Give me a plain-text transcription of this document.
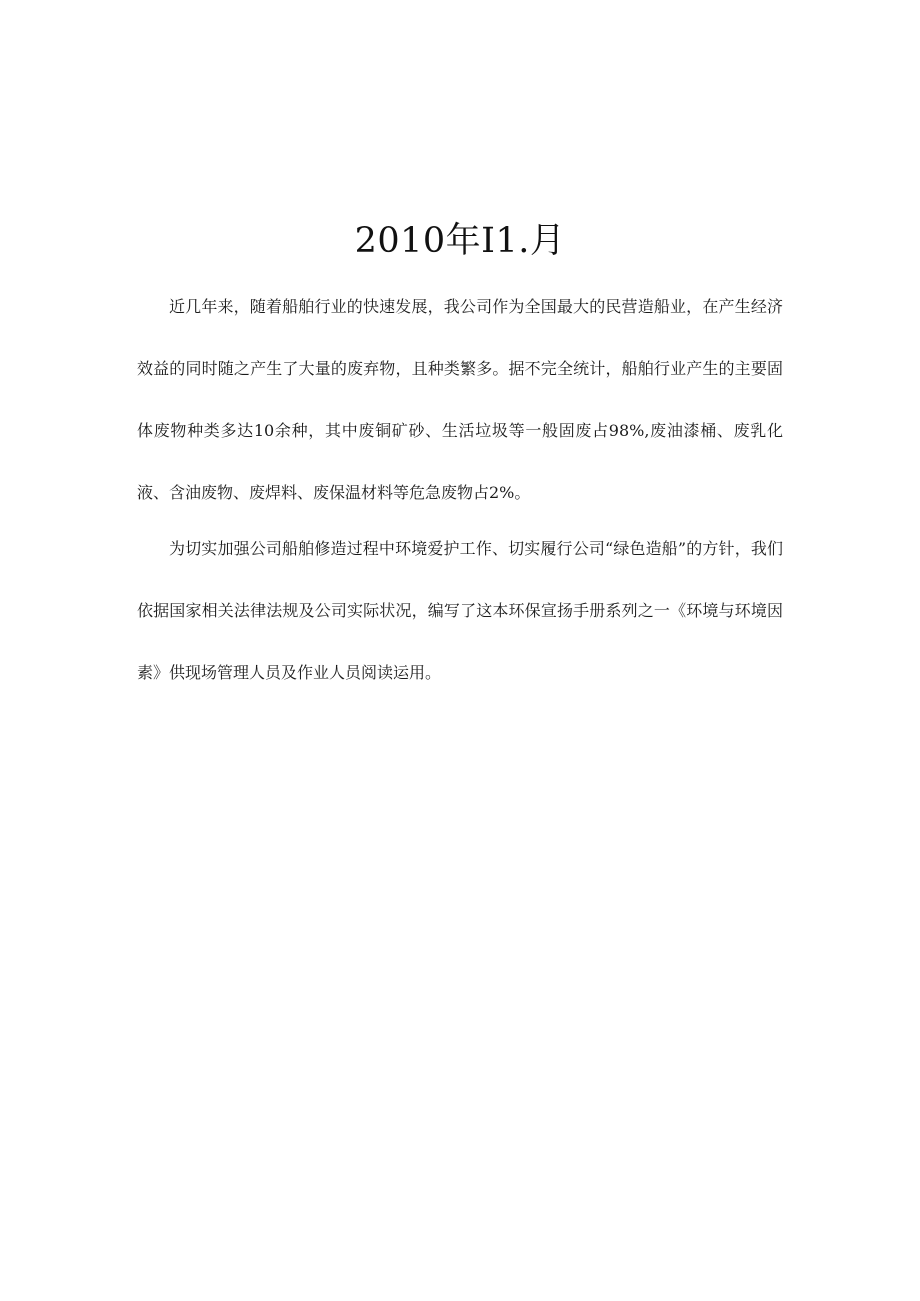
2010年I1.月

近几年来，随着船舶行业的快速发展，我公司作为全国最大的民营造船业，在产生经济效益的同时随之产生了大量的废弃物，且种类繁多。据不完全统计，船舶行业产生的主要固体废物种类多达10余种，其中废铜矿砂、生活垃圾等一般固废占98%,废油漆桶、废乳化液、含油废物、废焊料、废保温材料等危急废物占2%。

为切实加强公司船舶修造过程中环境爱护工作、切实履行公司“绿色造船”的方针，我们依据国家相关法律法规及公司实际状况，编写了这本环保宣扬手册系列之一《环境与环境因素》供现场管理人员及作业人员阅读运用。
